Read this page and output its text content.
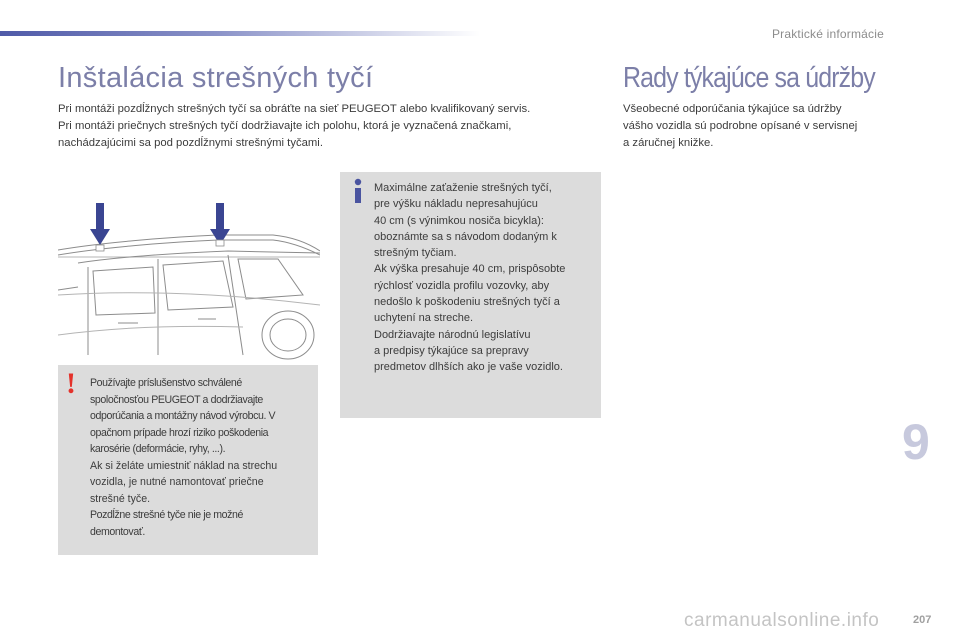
Praktické informácie
Inštalácia strešných tyčí	Rady týkajúce sa údržby

Pri montáži pozdĺžnych strešných tyčí sa obráťte na sieť PEUGEOT alebo kvalifikovaný servis.

Pri montáži priečnych strešných tyčí dodržiavajte ich polohu, ktorá je vyznačená značkami,

nachádzajúcimi sa pod pozdĺžnymi strešnými tyčami.

Všeobecné odporúčania týkajúce sa údržby
vášho vozidla sú podrobne opísané v servisnej
a záručnej knižke.
! Používajte príslušenstvo schválené
spoločnosťou PEUGEOT a dodržiavajte
odporúčania a montážny návod výrobcu. V
opačnom prípade hrozí riziko poškodenia
karosérie (deformácie, ryhy, ...).
Ak si želáte umiestniť náklad na strechu
vozidla, je nutné namontovať priečne
strešné tyče.
Pozdĺžne strešné tyče nie je možné
demontovať.
Maximálne zaťaženie strešných tyčí,
pre výšku nákladu nepresahujúcu
40 cm (s výnimkou nosiča bicykla):
oboznámte sa s návodom dodaným k
strešným tyčiam.
Ak výška presahuje 40 cm, prispôsobte
rýchlosť vozidla profilu vozovky, aby
nedošlo k poškodeniu strešných tyčí a
uchytení na streche.
Dodržiavajte národnú legislatívu
a predpisy týkajúce sa prepravy
predmetov dlhších ako je vaše vozidlo.
9
carmanualsonline.info	207
